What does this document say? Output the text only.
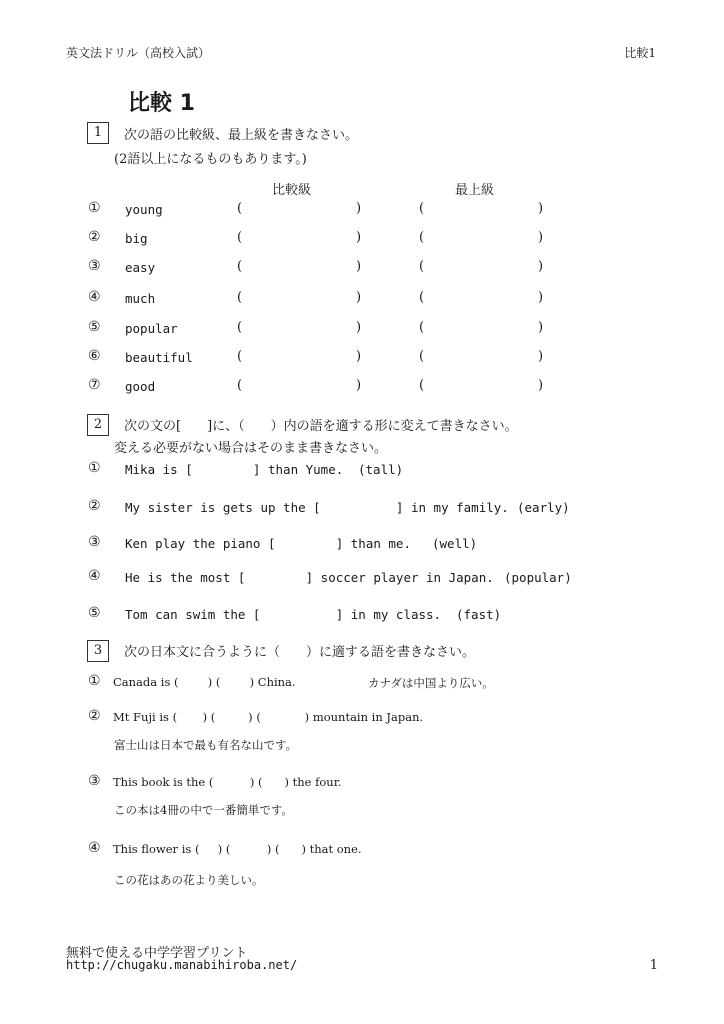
英文法ドリル（高校入試）	比較1
比較 1
1	次の語の比較級、最上級を書きなさい。
(2語以上になるものもあります。)
比較級	最上級
① young	(	)	(	)
② big	(	)	(	)
③ easy	(	)	(	)
④ much	(	)	(	)
⑤ popular	(	)	(	)
⑥ beautiful	(	)	(	)
⑦ good	(	)	(	)
2	次の文の[　　]に、（　　）内の語を適する形に変えて書きなさい。
変える必要がない場合はそのまま書きなさい。
① Mika is [        ] than Yume. (tall)
② My sister is gets up the [          ] in my family. (early)
③ Ken play the piano [        ] than me. (well)
④ He is the most [        ] soccer player in Japan. (popular)
⑤ Tom can swim the [          ] in my class. (fast)
3	次の日本文に合うように（　　）に適する語を書きなさい。
① Canada is (        ) (        ) China.	カナダは中国より広い。
② Mt Fuji is (       ) (         ) (            ) mountain in Japan.
富士山は日本で最も有名な山です。
③ This book is the (          ) (      ) the four.
この本は4冊の中で一番簡単です。
④ This flower is (     ) (          ) (      ) that one.
この花はあの花より美しい。
無料で使える中学学習プリント
http://chugaku.manabihiroba.net/	1
